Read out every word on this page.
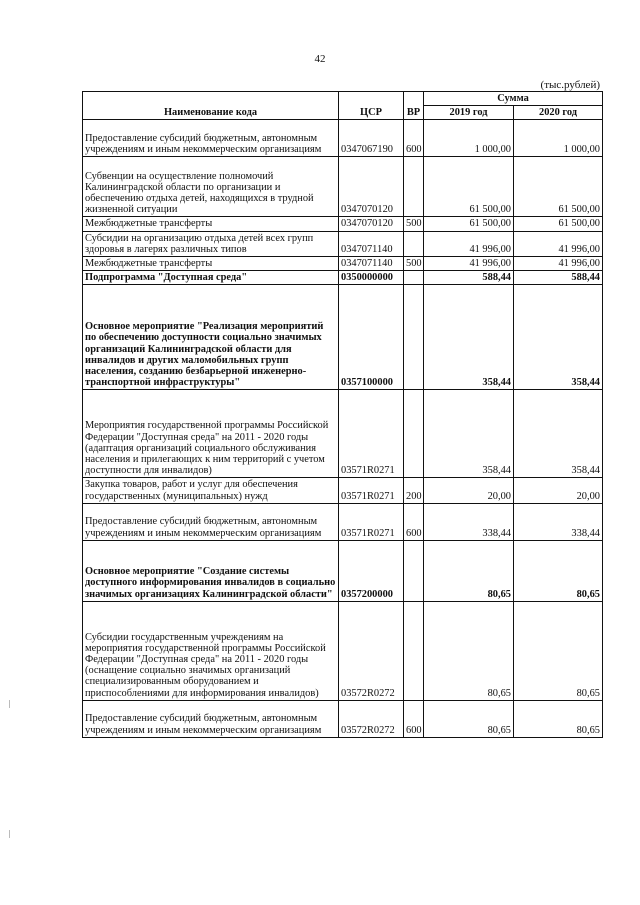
42
(тыс.рублей)
Наименование кода	ЦСР	ВР	Сумма	
			2019 год	2020 год
Предоставление субсидий бюджетным, автономным учреждениям и иным некоммерческим организациям	0347067190	600	1 000,00	1 000,00
Субвенции на осуществление полномочий Калининградской области по организации и обеспечению отдыха детей, находящихся в трудной жизненной ситуации	0347070120		61 500,00	61 500,00
Межбюджетные трансферты	0347070120	500	61 500,00	61 500,00
Субсидии на организацию отдыха детей всех групп здоровья в лагерях различных типов	0347071140		41 996,00	41 996,00
Межбюджетные трансферты	0347071140	500	41 996,00	41 996,00
Подпрограмма "Доступная среда"	0350000000		588,44	588,44
Основное мероприятие "Реализация мероприятий по обеспечению доступности социально значимых организаций Калининградской области для инвалидов и других маломобильных групп населения, созданию безбарьерной инженерно-транспортной инфраструктуры"	0357100000		358,44	358,44
Мероприятия государственной программы Российской Федерации "Доступная среда" на 2011 - 2020 годы (адаптация организаций социального обслуживания населения и прилегающих к ним территорий с учетом доступности для инвалидов)	03571R0271		358,44	358,44
Закупка товаров, работ и услуг для обеспечения государственных (муниципальных) нужд	03571R0271	200	20,00	20,00
Предоставление субсидий бюджетным, автономным учреждениям и иным некоммерческим организациям	03571R0271	600	338,44	338,44
Основное мероприятие "Создание системы доступного информирования инвалидов в социально значимых организациях Калининградской области"	0357200000		80,65	80,65
Субсидии государственным учреждениям на мероприятия государственной программы Российской Федерации "Доступная среда" на 2011 - 2020 годы (оснащение социально значимых организаций специализированным оборудованием и приспособлениями для информирования инвалидов)	03572R0272		80,65	80,65
Предоставление субсидий бюджетным, автономным учреждениям и иным некоммерческим организациям	03572R0272	600	80,65	80,65
